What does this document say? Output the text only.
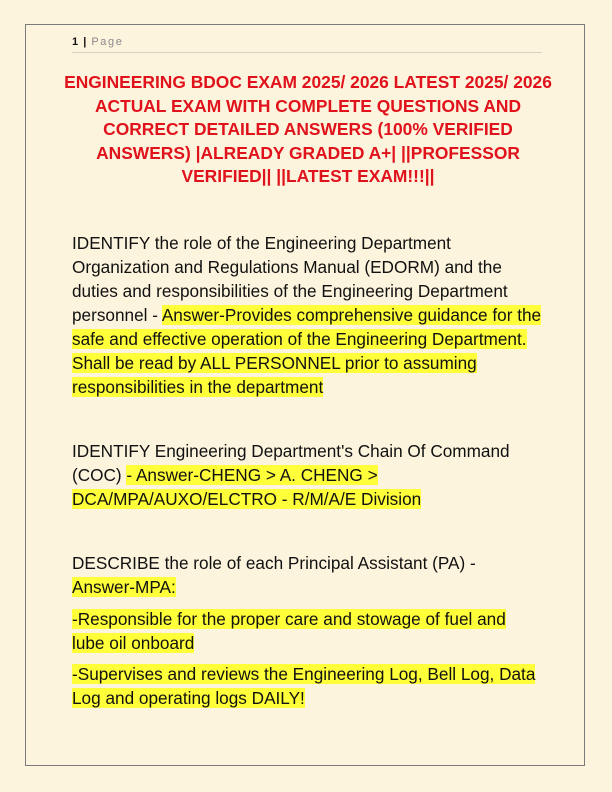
1 | Page
ENGINEERING BDOC EXAM 2025/ 2026 LATEST 2025/ 2026 ACTUAL EXAM WITH COMPLETE QUESTIONS AND CORRECT DETAILED ANSWERS (100% VERIFIED ANSWERS) |ALREADY GRADED A+| ||PROFESSOR VERIFIED|| ||LATEST EXAM!!!||

IDENTIFY the role of the Engineering Department Organization and Regulations Manual (EDORM) and the duties and responsibilities of the Engineering Department personnel - Answer-Provides comprehensive guidance for the safe and effective operation of the Engineering Department. Shall be read by ALL PERSONNEL prior to assuming responsibilities in the department

IDENTIFY Engineering Department's Chain Of Command (COC) - Answer-CHENG > A. CHENG > DCA/MPA/AUXO/ELCTRO - R/M/A/E Division

DESCRIBE the role of each Principal Assistant (PA) - Answer-MPA:

-Responsible for the proper care and stowage of fuel and lube oil onboard

-Supervises and reviews the Engineering Log, Bell Log, Data Log and operating logs DAILY!
